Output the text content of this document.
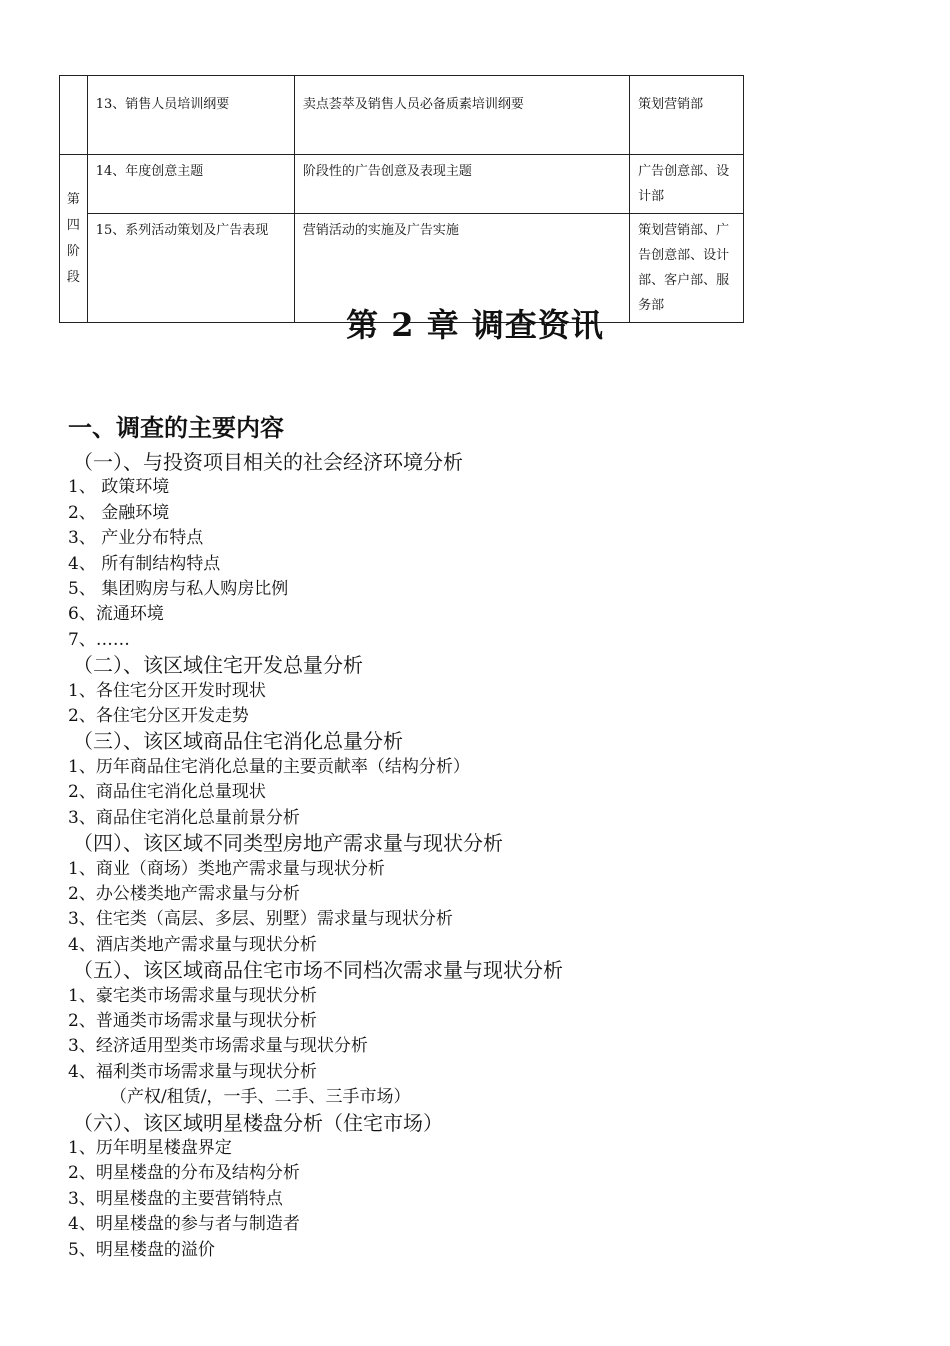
	13、销售人员培训纲要	卖点荟萃及销售人员必备质素培训纲要	策划营销部

第
四
阶
段	14、年度创意主题	阶段性的广告创意及表现主题	广告创意部、设计部
	15、系列活动策划及广告表现	营销活动的实施及广告实施	策划营销部、广告创意部、设计部、客户部、服务部
第 2 章 调查资讯
一、调查的主要内容

（一）、与投资项目相关的社会经济环境分析

1、 政策环境

2、 金融环境

3、 产业分布特点

4、 所有制结构特点

5、 集团购房与私人购房比例

6、流通环境

7、……

（二）、该区域住宅开发总量分析

1、各住宅分区开发时现状

2、各住宅分区开发走势

（三）、该区域商品住宅消化总量分析

1、历年商品住宅消化总量的主要贡献率（结构分析）

2、商品住宅消化总量现状

3、商品住宅消化总量前景分析

（四）、该区域不同类型房地产需求量与现状分析

1、商业（商场）类地产需求量与现状分析

2、办公楼类地产需求量与分析

3、住宅类（高层、多层、别墅）需求量与现状分析

4、酒店类地产需求量与现状分析

（五）、该区域商品住宅市场不同档次需求量与现状分析

1、豪宅类市场需求量与现状分析

2、普通类市场需求量与现状分析

3、经济适用型类市场需求量与现状分析

4、福利类市场需求量与现状分析

（产权/租赁/，一手、二手、三手市场）

（六）、该区域明星楼盘分析（住宅市场）

1、历年明星楼盘界定

2、明星楼盘的分布及结构分析

3、明星楼盘的主要营销特点

4、明星楼盘的参与者与制造者

5、明星楼盘的溢价
